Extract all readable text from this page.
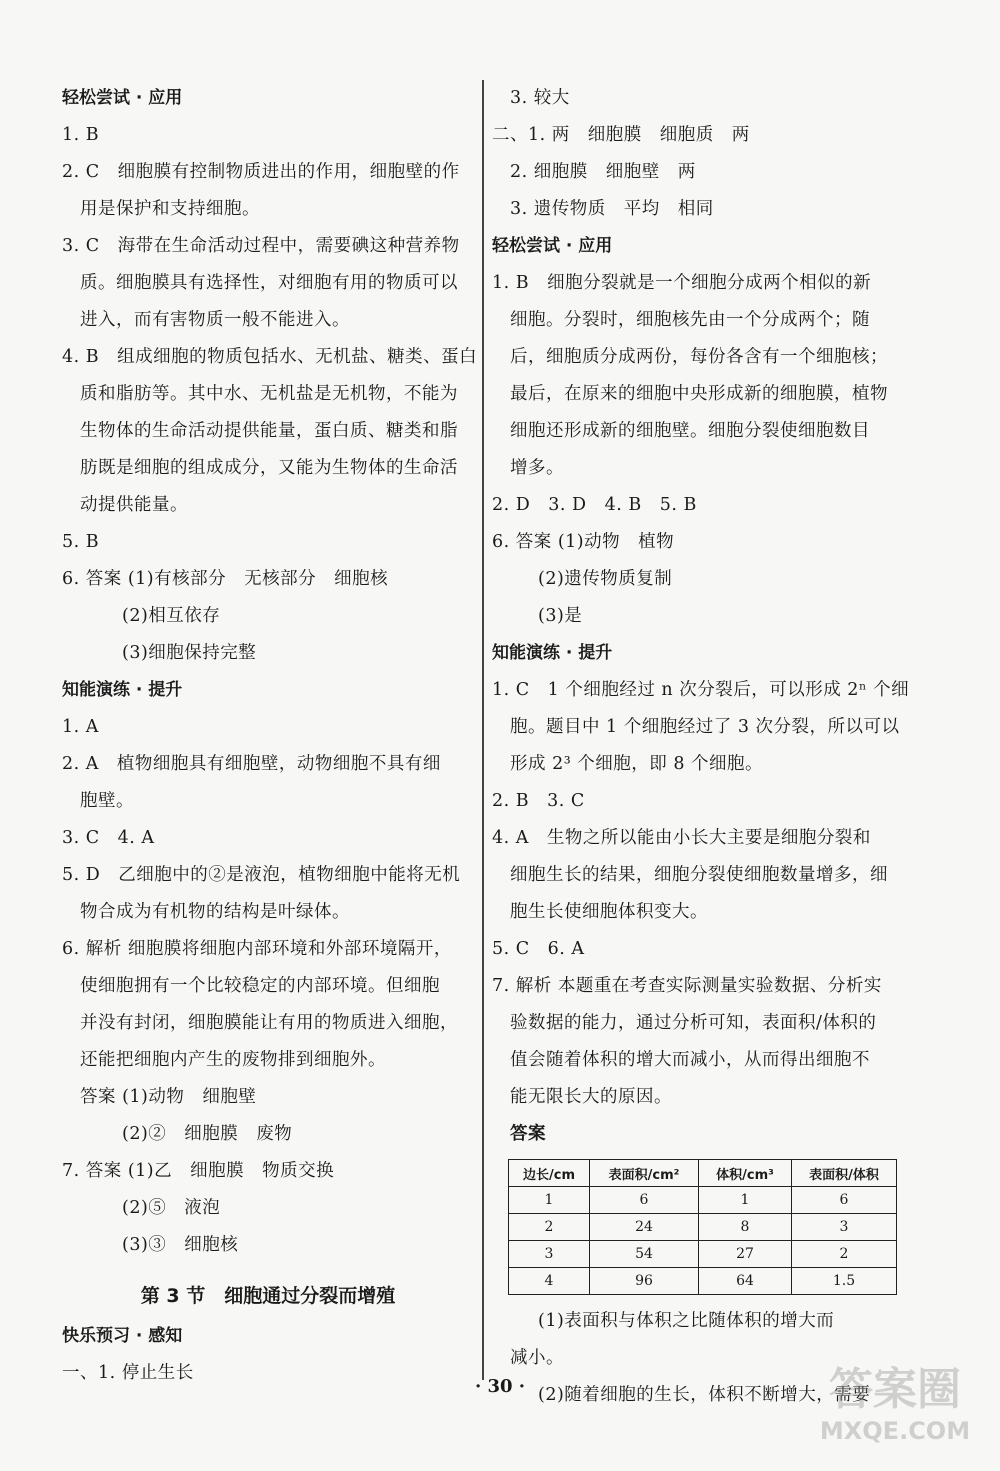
轻松尝试 · 应用
1. B
2. C　细胞膜有控制物质进出的作用，细胞壁的作
用是保护和支持细胞。
3. C　海带在生命活动过程中，需要碘这种营养物
质。细胞膜具有选择性，对细胞有用的物质可以
进入，而有害物质一般不能进入。
4. B　组成细胞的物质包括水、无机盐、糖类、蛋白
质和脂肪等。其中水、无机盐是无机物，不能为
生物体的生命活动提供能量，蛋白质、糖类和脂
肪既是细胞的组成成分，又能为生物体的生命活
动提供能量。
5. B
6. 答案 (1)有核部分　无核部分　细胞核
(2)相互依存
(3)细胞保持完整
知能演练 · 提升
1. A
2. A　植物细胞具有细胞壁，动物细胞不具有细
胞壁。
3. C　4. A
5. D　乙细胞中的②是液泡，植物细胞中能将无机
物合成为有机物的结构是叶绿体。
6. 解析 细胞膜将细胞内部环境和外部环境隔开，
使细胞拥有一个比较稳定的内部环境。但细胞
并没有封闭，细胞膜能让有用的物质进入细胞，
还能把细胞内产生的废物排到细胞外。
答案 (1)动物　细胞壁
(2)②　细胞膜　废物
7. 答案 (1)乙　细胞膜　物质交换
(2)⑤　液泡
(3)③　细胞核
第 3 节　细胞通过分裂而增殖
快乐预习 · 感知
一、1. 停止生长
3. 较大
二、1. 两　细胞膜　细胞质　两
2. 细胞膜　细胞壁　两
3. 遗传物质　平均　相同
轻松尝试 · 应用
1. B　细胞分裂就是一个细胞分成两个相似的新
细胞。分裂时，细胞核先由一个分成两个；随
后，细胞质分成两份，每份各含有一个细胞核；
最后，在原来的细胞中央形成新的细胞膜，植物
细胞还形成新的细胞壁。细胞分裂使细胞数目
增多。
2. D　3. D　4. B　5. B
6. 答案 (1)动物　植物
(2)遗传物质复制
(3)是
知能演练 · 提升
1. C　1 个细胞经过 n 次分裂后，可以形成 2ⁿ 个细
胞。题目中 1 个细胞经过了 3 次分裂，所以可以
形成 2³ 个细胞，即 8 个细胞。
2. B　3. C
4. A　生物之所以能由小长大主要是细胞分裂和
细胞生长的结果，细胞分裂使细胞数量增多，细
胞生长使细胞体积变大。
5. C　6. A
7. 解析 本题重在考查实际测量实验数据、分析实
验数据的能力，通过分析可知，表面积/体积的
值会随着体积的增大而减小，从而得出细胞不
能无限长大的原因。
答案
边长/cm	表面积/cm²	体积/cm³	表面积/体积
1	6	1	6
2	24	8	3
3	54	27	2
4	96	64	1.5
(1)表面积与体积之比随体积的增大而
减小。
(2)随着细胞的生长，体积不断增大，需要
· 30 ·	答案圈
MXQE.COM
